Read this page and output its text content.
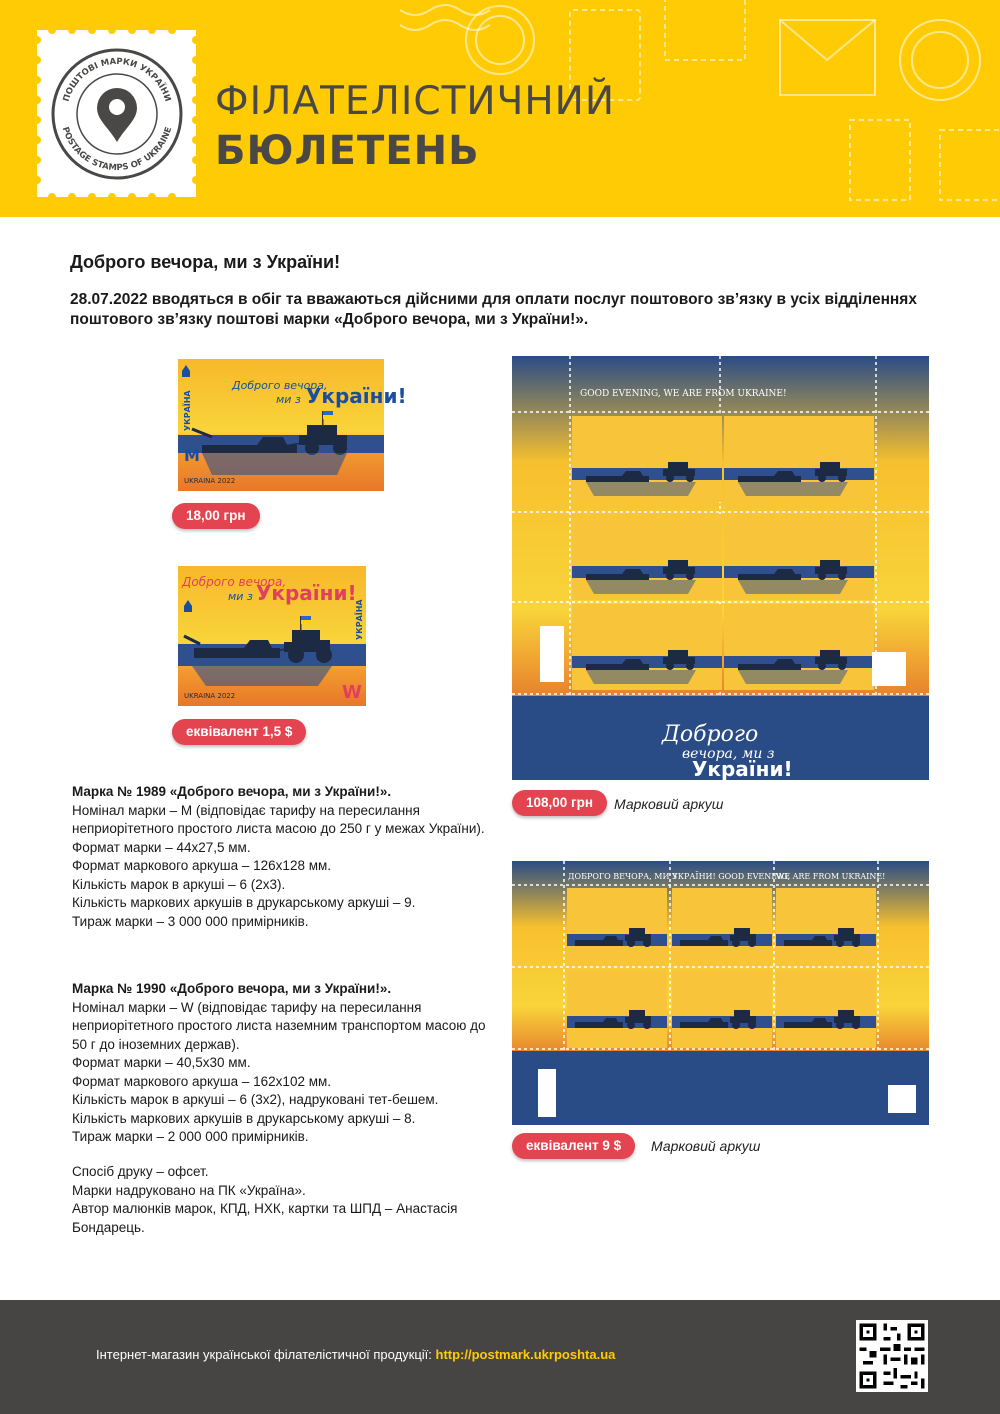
ПОШТОВІ МАРКИ УКРАЇНИ
POSTAGE STAMPS OF UKRAINE
ФІЛАТЕЛІСТИЧНИЙ
БЮЛЕТЕНЬ
Доброго вечора, ми з України!
28.07.2022 вводяться в обіг та вважаються дійсними для оплати послуг поштового зв’язку в усіх відділеннях поштового зв’язку поштові марки «Доброго вечора, ми з України!».
Доброго вечора,
ми з України!
УКРАЇНА
M
UKRAINA 2022
18,00 грн
Доброго вечора,
ми з України!
УКРАЇНА
W
UKRAINA 2022
еквівалент 1,5 $
GOOD EVENING, WE ARE FROM UKRAINE!
Доброго
вечора, ми з
України!
108,00 грн	Марковий аркуш
ДОБРОГО ВЕЧОРА, МИ З
УКРАЇНИ! GOOD EVENING,
WE ARE FROM UKRAINE!
еквівалент 9 $	Марковий аркуш

Марка № 1989 «Доброго вечора, ми з України!».

Номінал марки – M (відповідає тарифу на пересилання неприорітетного простого листа масою до 250 г у межах України).

Формат марки – 44х27,5 мм.

Формат маркового аркуша – 126х128 мм.

Кількість марок в аркуші – 6 (2х3).

Кількість маркових аркушів в друкарському аркуші – 9.

Тираж марки – 3 000 000 примірників.

Марка № 1990 «Доброго вечора, ми з України!».

Номінал марки – W (відповідає тарифу на пересилання неприорітетного простого листа наземним транспортом масою до 50 г до іноземних держав).

Формат марки – 40,5х30 мм.

Формат маркового аркуша – 162х102 мм.

Кількість марок в аркуші – 6 (3х2), надруковані тет-бешем.

Кількість маркових аркушів в друкарському аркуші – 8.

Тираж марки – 2 000 000 примірників.

Спосіб друку – офсет.

Марки надруковано на ПК «Україна».

Автор малюнків марок, КПД, НХК, картки та ШПД – Анастасія Бондарець.

Інтернет-магазин української філателістичної продукції: http://postmark.ukrposhta.ua
